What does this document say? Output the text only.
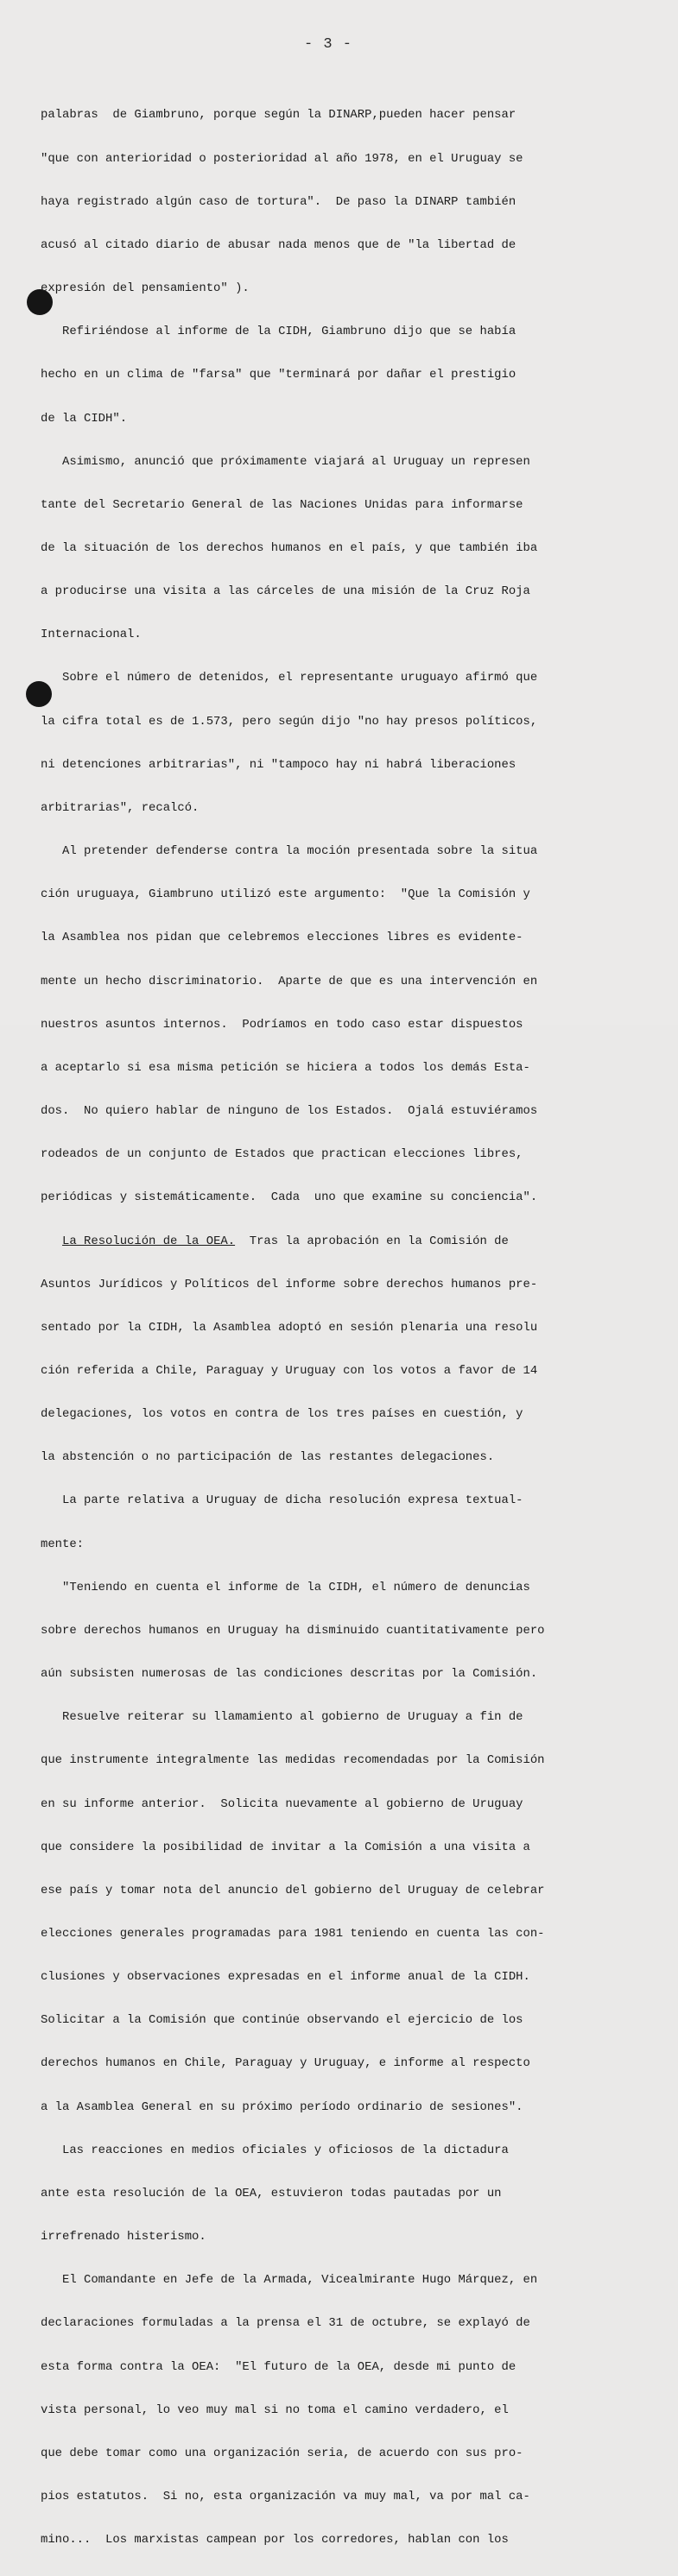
- 3 -

palabras  de Giambruno, porque según la DINARP,pueden hacer pensar

"que con anterioridad o posterioridad al año 1978, en el Uruguay se

haya registrado algún caso de tortura".  De paso la DINARP también

acusó al citado diario de abusar nada menos que de "la libertad de

expresión del pensamiento" ).

Refiriéndose al informe de la CIDH, Giambruno dijo que se había

hecho en un clima de "farsa" que "terminará por dañar el prestigio

de la CIDH".

Asimismo, anunció que próximamente viajará al Uruguay un represen

tante del Secretario General de las Naciones Unidas para informarse

de la situación de los derechos humanos en el país, y que también iba

a producirse una visita a las cárceles de una misión de la Cruz Roja

Internacional.

Sobre el número de detenidos, el representante uruguayo afirmó que

la cifra total es de 1.573, pero según dijo "no hay presos políticos,

ni detenciones arbitrarias", ni "tampoco hay ni habrá liberaciones

arbitrarias", recalcó.

Al pretender defenderse contra la moción presentada sobre la situa

ción uruguaya, Giambruno utilizó este argumento:  "Que la Comisión y

la Asamblea nos pidan que celebremos elecciones libres es evidente-

mente un hecho discriminatorio.  Aparte de que es una intervención en

nuestros asuntos internos.  Podríamos en todo caso estar dispuestos

a aceptarlo si esa misma petición se hiciera a todos los demás Esta-

dos.  No quiero hablar de ninguno de los Estados.  Ojalá estuviéramos

rodeados de un conjunto de Estados que practican elecciones libres,

periódicas y sistemáticamente.  Cada  uno que examine su conciencia".

La Resolución de la OEA.  Tras la aprobación en la Comisión de

Asuntos Jurídicos y Políticos del informe sobre derechos humanos pre-

sentado por la CIDH, la Asamblea adoptó en sesión plenaria una resolu

ción referida a Chile, Paraguay y Uruguay con los votos a favor de 14

delegaciones, los votos en contra de los tres países en cuestión, y

la abstención o no participación de las restantes delegaciones.

La parte relativa a Uruguay de dicha resolución expresa textual-

mente:

"Teniendo en cuenta el informe de la CIDH, el número de denuncias

sobre derechos humanos en Uruguay ha disminuido cuantitativamente pero

aún subsisten numerosas de las condiciones descritas por la Comisión.

Resuelve reiterar su llamamiento al gobierno de Uruguay a fin de

que instrumente integralmente las medidas recomendadas por la Comisión

en su informe anterior.  Solicita nuevamente al gobierno de Uruguay

que considere la posibilidad de invitar a la Comisión a una visita a

ese país y tomar nota del anuncio del gobierno del Uruguay de celebrar

elecciones generales programadas para 1981 teniendo en cuenta las con-

clusiones y observaciones expresadas en el informe anual de la CIDH.

Solicitar a la Comisión que continúe observando el ejercicio de los

derechos humanos en Chile, Paraguay y Uruguay, e informe al respecto

a la Asamblea General en su próximo período ordinario de sesiones".

Las reacciones en medios oficiales y oficiosos de la dictadura

ante esta resolución de la OEA, estuvieron todas pautadas por un

irrefrenado histerismo.

El Comandante en Jefe de la Armada, Vicealmirante Hugo Márquez, en

declaraciones formuladas a la prensa el 31 de octubre, se explayó de

esta forma contra la OEA:  "El futuro de la OEA, desde mi punto de

vista personal, lo veo muy mal si no toma el camino verdadero, el

que debe tomar como una organización seria, de acuerdo con sus pro-

pios estatutos.  Si no, esta organización va muy mal, va por mal ca-

mino...  Los marxistas campean por los corredores, hablan con los
